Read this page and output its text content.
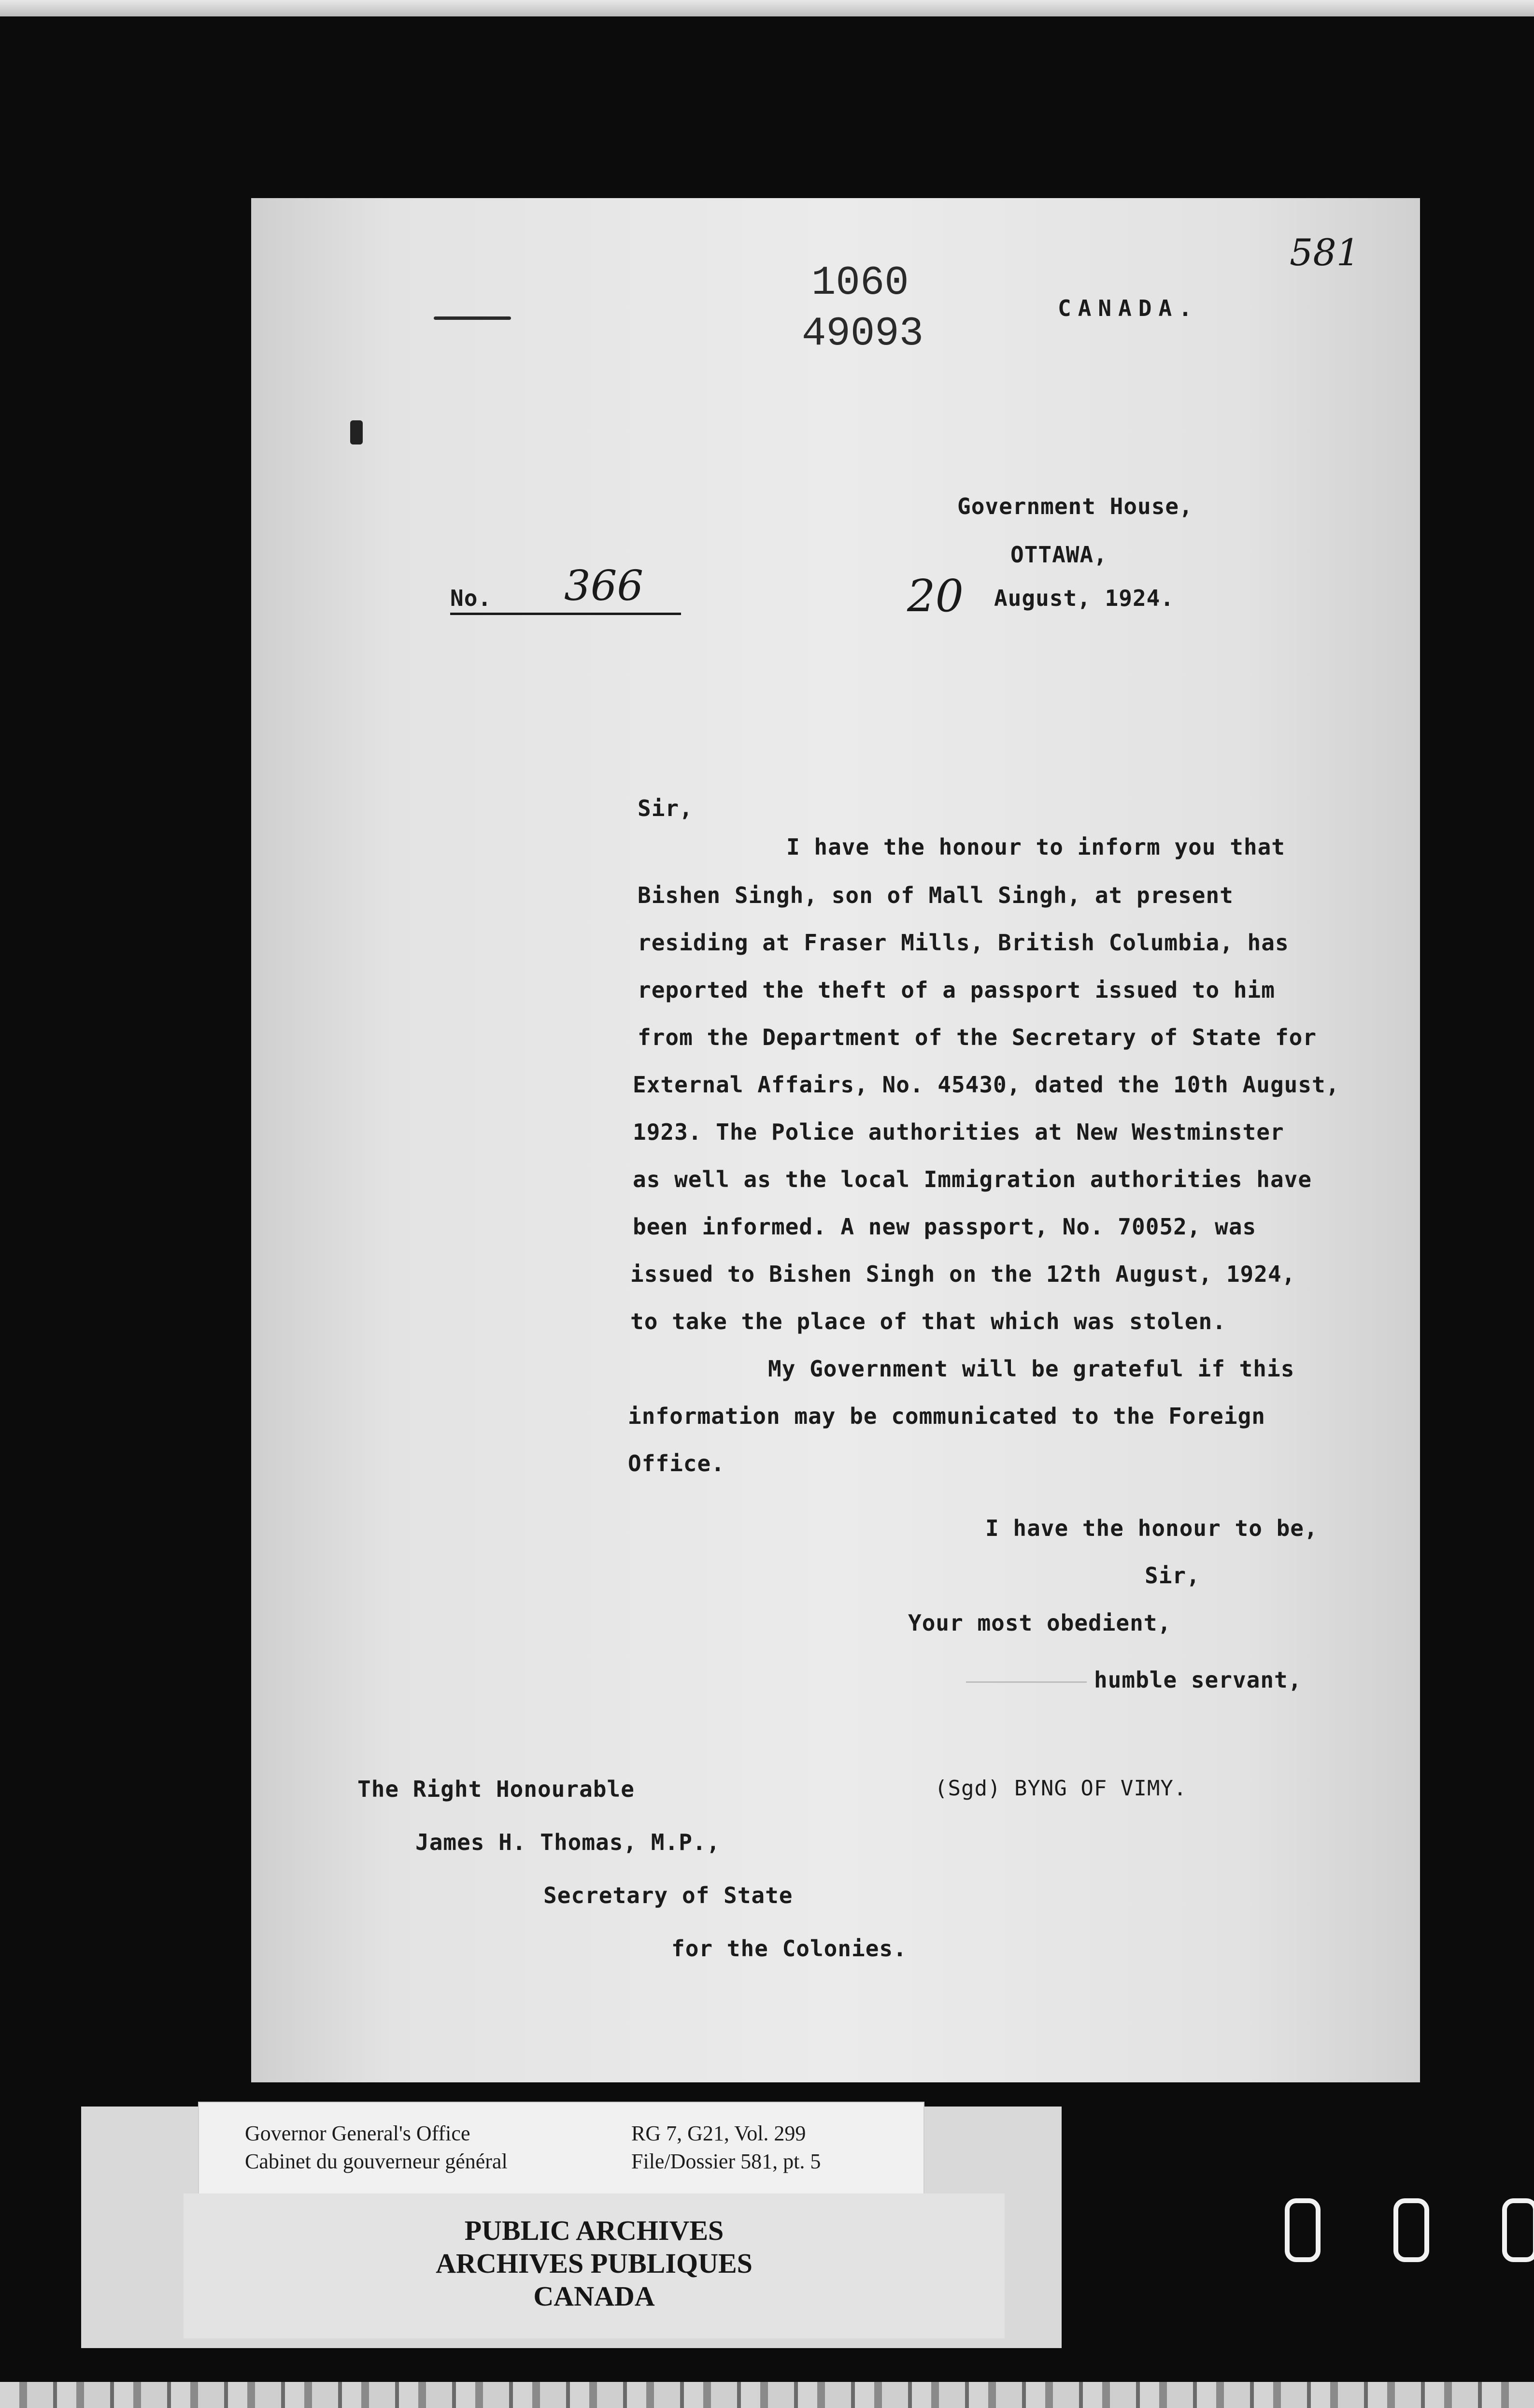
581

1060

49093

CANADA.

Government House,

OTTAWA,

No. 366	20 August, 1924.

Sir,

I have the honour to inform you that

Bishen Singh, son of Mall Singh, at present

residing at Fraser Mills, British Columbia, has

reported the theft of a passport issued to him

from the Department of the Secretary of State for

External Affairs, No. 45430, dated the 10th August,

1923. The Police authorities at New Westminster

as well as the local Immigration authorities have

been informed. A new passport, No. 70052, was

issued to Bishen Singh on the 12th August, 1924,

to take the place of that which was stolen.

My Government will be grateful if this

information may be communicated to the Foreign

Office.

I have the honour to be,

Sir,

Your most obedient,

humble servant,

(Sgd) BYNG OF VIMY.

The Right Honourable

James H. Thomas, M.P.,

Secretary of State

for the Colonies.

Governor General's Office

Cabinet du gouverneur général

RG 7, G21, Vol. 299

File/Dossier 581, pt. 5

PUBLIC ARCHIVES

ARCHIVES PUBLIQUES

CANADA
